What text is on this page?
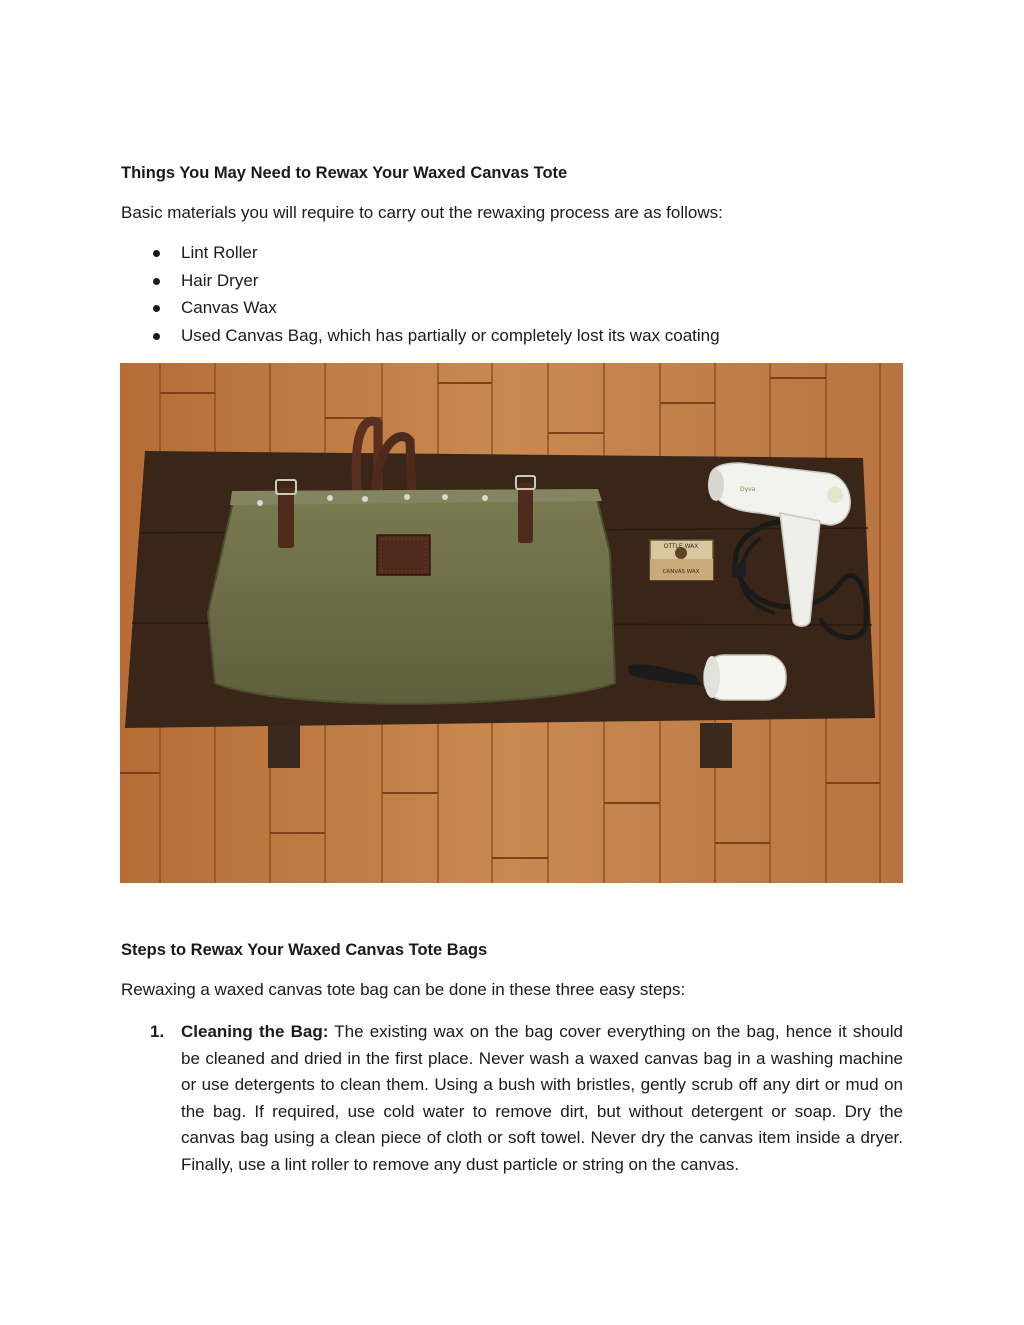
Things You May Need to Rewax Your Waxed Canvas Tote

Basic materials you will require to carry out the rewaxing process are as follows:

Lint Roller
Hair Dryer
Canvas Wax
Used Canvas Bag, which has partially or completely lost its wax coating
OTTLE WAX
CANVAS WAX
Dyva
Steps to Rewax Your Waxed Canvas Tote Bags

Rewaxing a waxed canvas tote bag can be done in these three easy steps:

1. Cleaning the Bag: The existing wax on the bag cover everything on the bag, hence it should be cleaned and dried in the first place. Never wash a waxed canvas bag in a washing machine or use detergents to clean them. Using a bush with bristles, gently scrub off any dirt or mud on the bag. If required, use cold water to remove dirt, but without detergent or soap. Dry the canvas bag using a clean piece of cloth or soft towel. Never dry the canvas item inside a dryer. Finally, use a lint roller to remove any dust particle or string on the canvas.
